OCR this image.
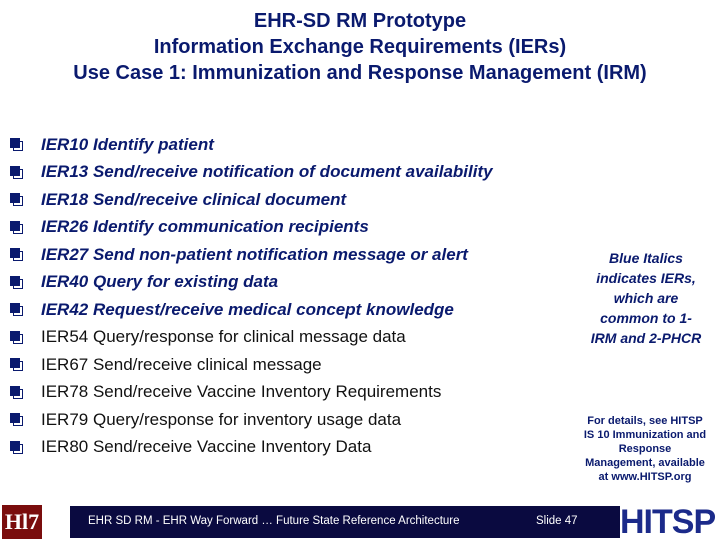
EHR-SD RM Prototype
Information Exchange Requirements (IERs)
Use Case 1: Immunization and Response Management (IRM)
IER10 Identify patient
IER13 Send/receive notification of document availability
IER18 Send/receive clinical document
IER26 Identify communication recipients
IER27 Send non-patient notification message or alert
IER40 Query for existing data
IER42 Request/receive medical concept knowledge
IER54 Query/response for clinical message data
IER67 Send/receive clinical message
IER78 Send/receive Vaccine Inventory Requirements
IER79 Query/response for inventory usage data
IER80 Send/receive Vaccine Inventory Data
Blue Italics
indicates IERs,
which are
common to 1-
IRM and 2-PHCR
For details, see HITSP
IS 10 Immunization and
Response
Management, available
at www.HITSP.org
Hl7	EHR SD RM - EHR Way Forward … Future State Reference Architecture	Slide 47 HITSP
